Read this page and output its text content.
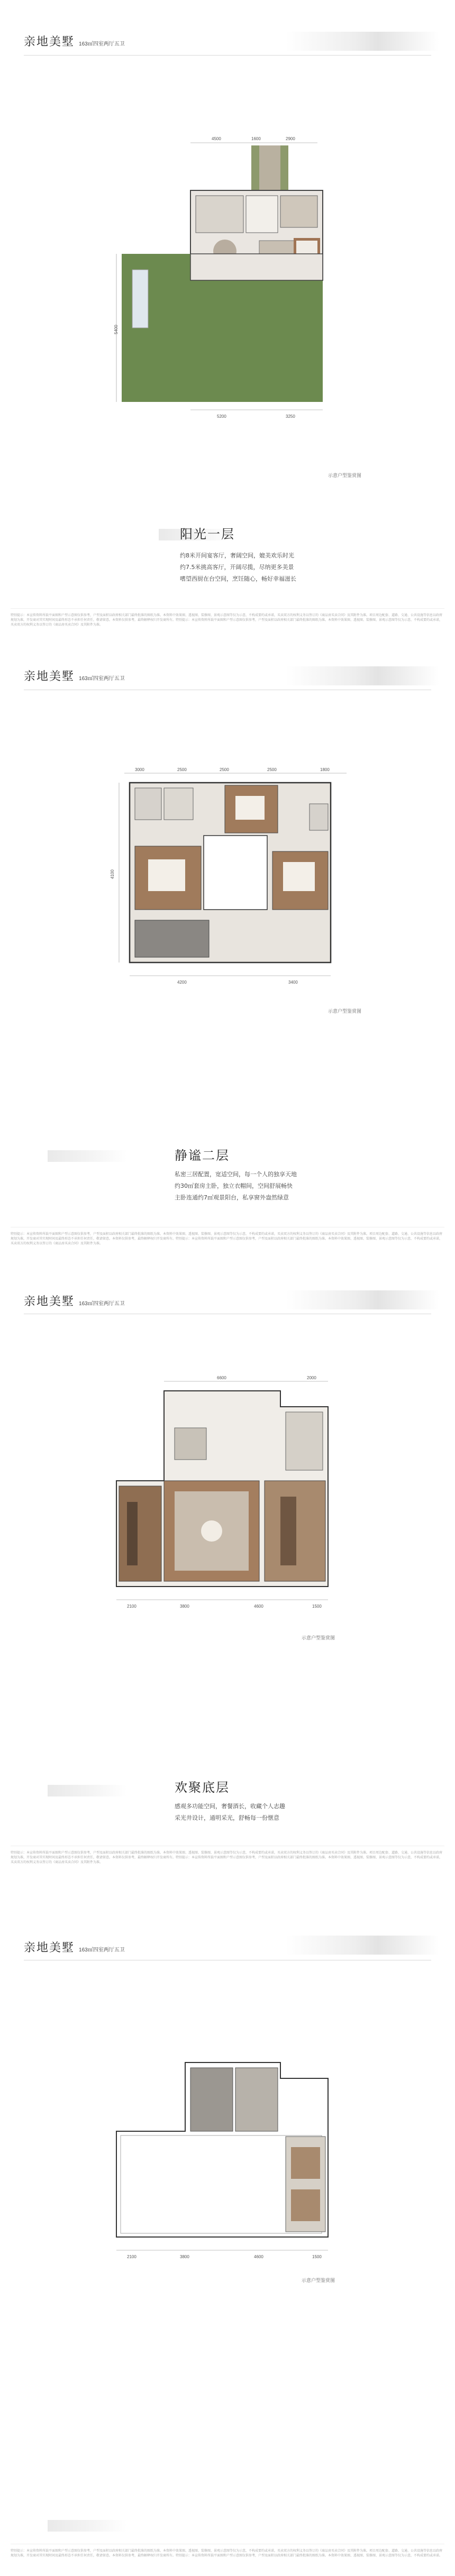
亲地美墅 163㎡四室两厅五卫
4500	1600	2900
5400
5200	3250
示意户型鉴赏图
阳光一层
约8米开间宴客厅，奢阔空间，媲美欢乐时光
约7.5米挑高客厅，开阔尽揽，尽纳更多美景
嗜望西厨在台空间，烹饪随心，畅好幸福滋长
特别提示：本宣传资料所载平面图和户型示意图仅供参考，户型及面积以政府相关部门最终批准的图纸为准。本资料中效果图、透视图、装修图、景观示意图等仅为示意，不构成要约或承诺，买卖双方的权利义务以签订的《商品房买卖合同》及其附件为准。项目周边配套、道路、交通、公共设施等信息以政府规划为准，开发商对其实现时间及最终形态不承担任何责任，敬请留意。本资料仅供参考，最终解释权归开发商所有。特别提示：本宣传资料所载平面图和户型示意图仅供参考，户型及面积以政府相关部门最终批准的图纸为准。本资料中效果图、透视图、装修图、景观示意图等仅为示意，不构成要约或承诺，买卖双方的权利义务以签订的《商品房买卖合同》及其附件为准。
亲地美墅 163㎡四室两厅五卫
3000	2500	2500	2500	1800
4100
4200	3400
示意户型鉴赏图
静谧二层
私密三居配置，宽适空间，每一个人的独享天地
约30㎡套房主卧，独立衣帽间，空间舒展畅快
主卧连通约7㎡观景阳台，私享窗外盎然绿意
特别提示：本宣传资料所载平面图和户型示意图仅供参考，户型及面积以政府相关部门最终批准的图纸为准。本资料中效果图、透视图、装修图、景观示意图等仅为示意，不构成要约或承诺，买卖双方的权利义务以签订的《商品房买卖合同》及其附件为准。项目周边配套、道路、交通、公共设施等信息以政府规划为准，开发商对其实现时间及最终形态不承担任何责任，敬请留意。本资料仅供参考，最终解释权归开发商所有。特别提示：本宣传资料所载平面图和户型示意图仅供参考，户型及面积以政府相关部门最终批准的图纸为准。本资料中效果图、透视图、装修图、景观示意图等仅为示意，不构成要约或承诺，买卖双方的权利义务以签订的《商品房买卖合同》及其附件为准。
亲地美墅 163㎡四室两厅五卫
6600	2000
2100	3800	4600	1500
示意户型鉴赏图
欢聚底层
感观多功能空间，奢餐酒长，收藏个人志趣
采光井设计，通明采光，舒畅每一份惬意
特别提示：本宣传资料所载平面图和户型示意图仅供参考，户型及面积以政府相关部门最终批准的图纸为准。本资料中效果图、透视图、装修图、景观示意图等仅为示意，不构成要约或承诺，买卖双方的权利义务以签订的《商品房买卖合同》及其附件为准。项目周边配套、道路、交通、公共设施等信息以政府规划为准，开发商对其实现时间及最终形态不承担任何责任，敬请留意。本资料仅供参考，最终解释权归开发商所有。特别提示：本宣传资料所载平面图和户型示意图仅供参考，户型及面积以政府相关部门最终批准的图纸为准。本资料中效果图、透视图、装修图、景观示意图等仅为示意，不构成要约或承诺，买卖双方的权利义务以签订的《商品房买卖合同》及其附件为准。
亲地美墅 163㎡四室两厅五卫
2100	3800	4600	1500
示意户型鉴赏图
特别提示：本宣传资料所载平面图和户型示意图仅供参考，户型及面积以政府相关部门最终批准的图纸为准。本资料中效果图、透视图、装修图、景观示意图等仅为示意，不构成要约或承诺，买卖双方的权利义务以签订的《商品房买卖合同》及其附件为准。项目周边配套、道路、交通、公共设施等信息以政府规划为准，开发商对其实现时间及最终形态不承担任何责任，敬请留意。本资料仅供参考，最终解释权归开发商所有。特别提示：本宣传资料所载平面图和户型示意图仅供参考，户型及面积以政府相关部门最终批准的图纸为准。本资料中效果图、透视图、装修图、景观示意图等仅为示意，不构成要约或承诺。
